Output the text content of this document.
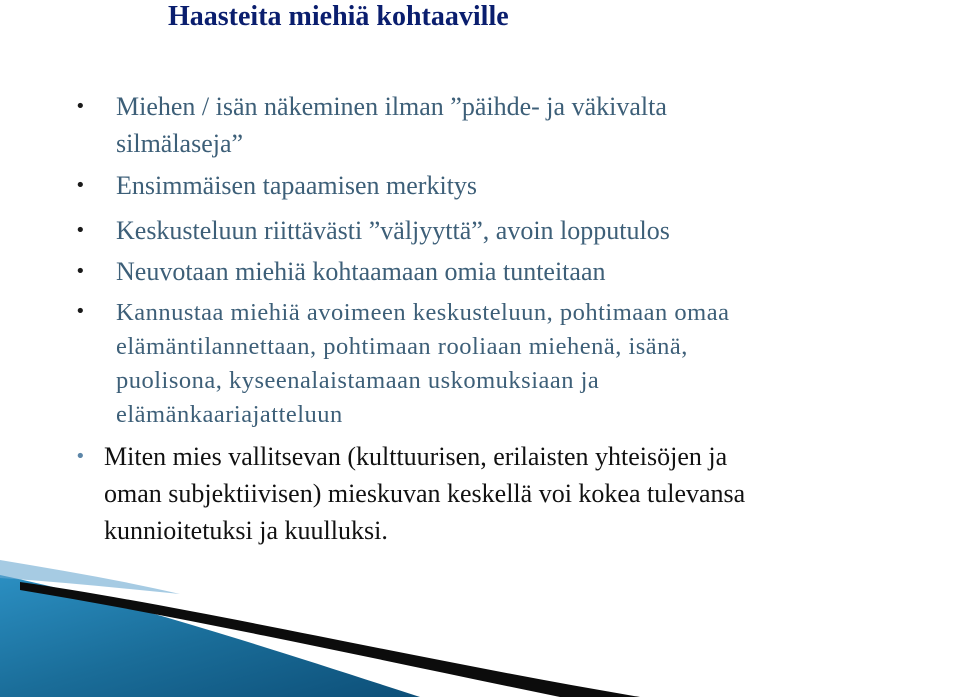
Haasteita miehiä kohtaaville
•	Miehen / isän näkeminen ilman ”päihde- ja väkivalta
silmälaseja”
•	Ensimmäisen tapaamisen merkitys
•	Keskusteluun riittävästi ”väljyyttä”, avoin lopputulos
•	Neuvotaan miehiä kohtaamaan omia tunteitaan
•	Kannustaa miehiä avoimeen keskusteluun, pohtimaan omaa
elämäntilannettaan, pohtimaan rooliaan miehenä, isänä,
puolisona, kyseenalaistamaan uskomuksiaan ja
elämänkaariajatteluun
• Miten mies vallitsevan (kulttuurisen, erilaisten yhteisöjen ja
oman subjektiivisen) mieskuvan keskellä voi kokea tulevansa
kunnioitetuksi ja kuulluksi.
